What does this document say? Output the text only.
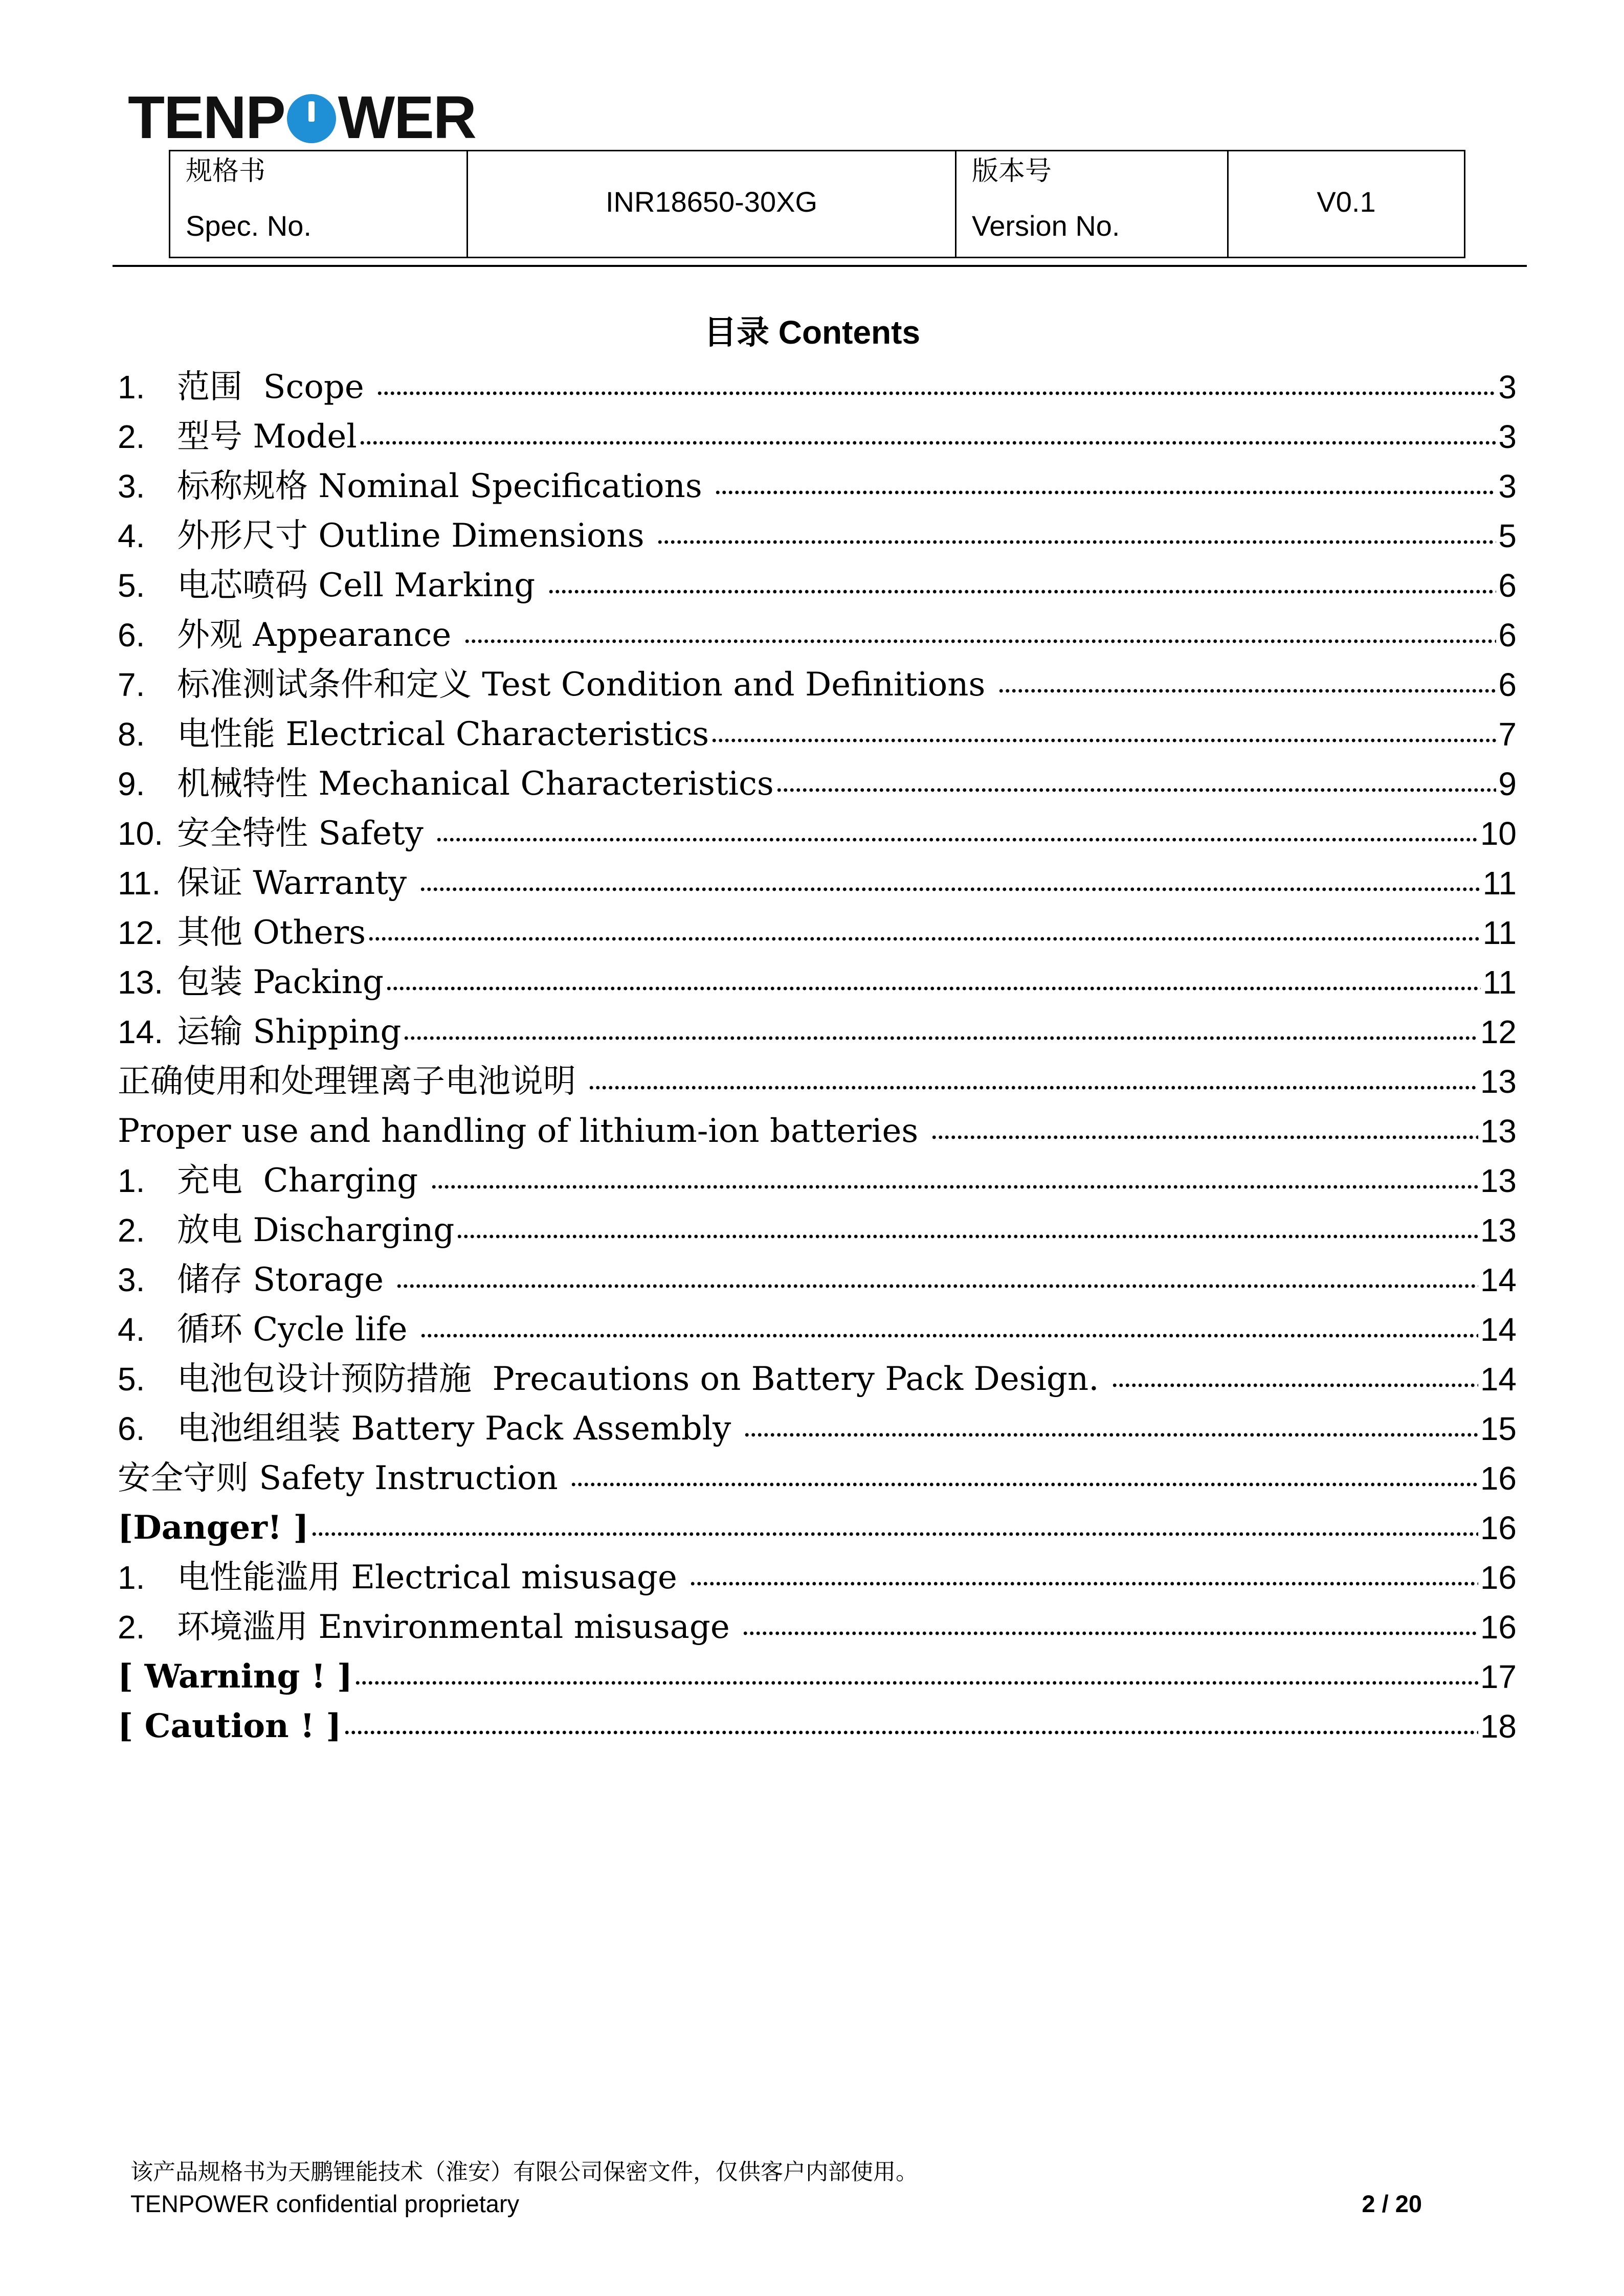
TENP WER
规格书
Spec. No.
INR18650-30XG
版本号
Version No.
V0.1
目录 Contents
1. 范围  Scope	3
2. 型号 Model	3
3. 标称规格 Nominal Specifications	3
4. 外形尺寸 Outline Dimensions	5
5. 电芯喷码 Cell Marking	6
6. 外观 Appearance	6
7. 标准测试条件和定义 Test Condition and Definitions	6
8. 电性能 Electrical Characteristics	7
9. 机械特性 Mechanical Characteristics	9
10. 安全特性 Safety	10
11. 保证 Warranty	11
12. 其他 Others	11
13. 包装 Packing	11
14. 运输 Shipping	12
正确使用和处理锂离子电池说明	13
Proper use and handling of lithium-ion batteries	13
1. 充电  Charging	13
2. 放电 Discharging	13
3. 储存 Storage	14
4. 循环 Cycle life	14
5. 电池包设计预防措施  Precautions on Battery Pack Design.	14
6. 电池组组装 Battery Pack Assembly	15
安全守则 Safety Instruction	16
[Danger! ]	16
1. 电性能滥用 Electrical misusage	16
2. 环境滥用 Environmental misusage	16
[ Warning ! ]	17
[ Caution ! ]	18
该产品规格书为天鹏锂能技术（淮安）有限公司保密文件，仅供客户内部使用。
TENPOWER confidential proprietary	2 / 20
